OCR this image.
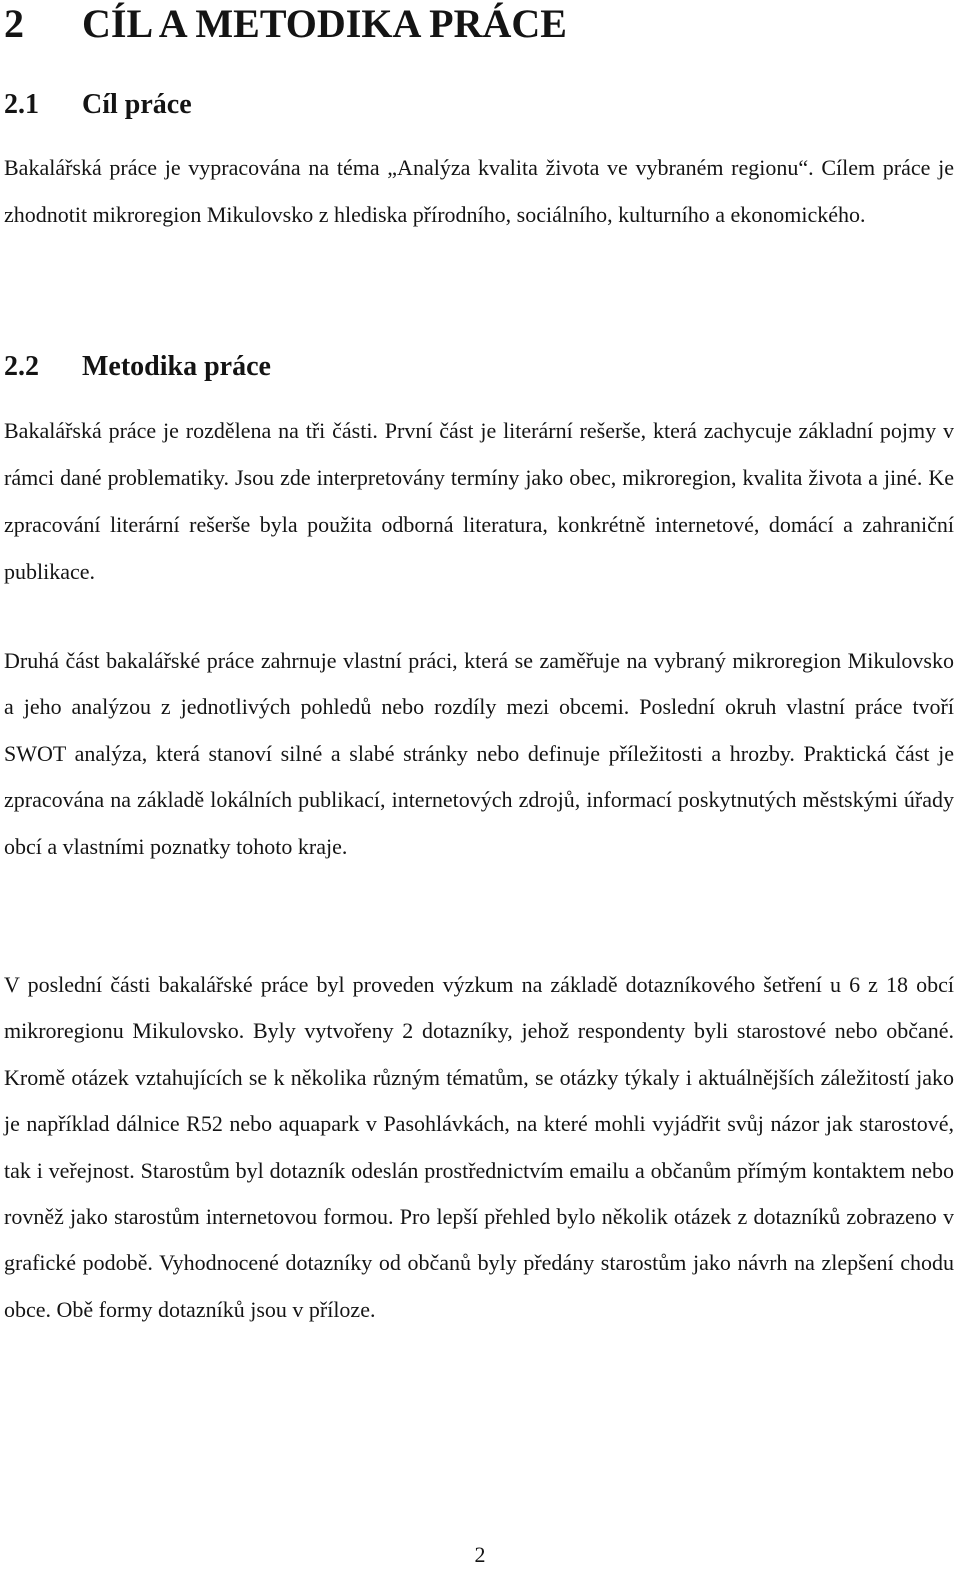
2 CÍL A METODIKA PRÁCE
2.1 Cíl práce

Bakalářská práce je vypracována na téma „Analýza kvalita života ve vybraném regionu“. Cílem práce je zhodnotit mikroregion Mikulovsko z hlediska přírodního, sociálního, kulturního a ekonomického.

2.2 Metodika práce

Bakalářská práce je rozdělena na tři části. První část je literární rešerše, která zachycuje základní pojmy v rámci dané problematiky. Jsou zde interpretovány termíny jako obec, mikroregion, kvalita života a jiné. Ke zpracování literární rešerše byla použita odborná literatura, konkrétně internetové, domácí a zahraniční publikace.

Druhá část bakalářské práce zahrnuje vlastní práci, která se zaměřuje na vybraný mikroregion Mikulovsko a jeho analýzou z jednotlivých pohledů nebo rozdíly mezi obcemi. Poslední okruh vlastní práce tvoří SWOT analýza, která stanoví silné a slabé stránky nebo definuje příležitosti a hrozby. Praktická část je zpracována na základě lokálních publikací, internetových zdrojů, informací poskytnutých městskými úřady obcí a vlastními poznatky tohoto kraje.

V poslední části bakalářské práce byl proveden výzkum na základě dotazníkového šetření u 6 z 18 obcí mikroregionu Mikulovsko. Byly vytvořeny 2 dotazníky, jehož respondenty byli starostové nebo občané. Kromě otázek vztahujících se k několika různým tématům, se otázky týkaly i aktuálnějších záležitostí jako je například dálnice R52 nebo aquapark v Pasohlávkách, na které mohli vyjádřit svůj názor jak starostové, tak i veřejnost. Starostům byl dotazník odeslán prostřednictvím emailu a občanům přímým kontaktem nebo rovněž jako starostům internetovou formou. Pro lepší přehled bylo několik otázek z dotazníků zobrazeno v grafické podobě. Vyhodnocené dotazníky od občanů byly předány starostům jako návrh na zlepšení chodu obce. Obě formy dotazníků jsou v příloze.

2
